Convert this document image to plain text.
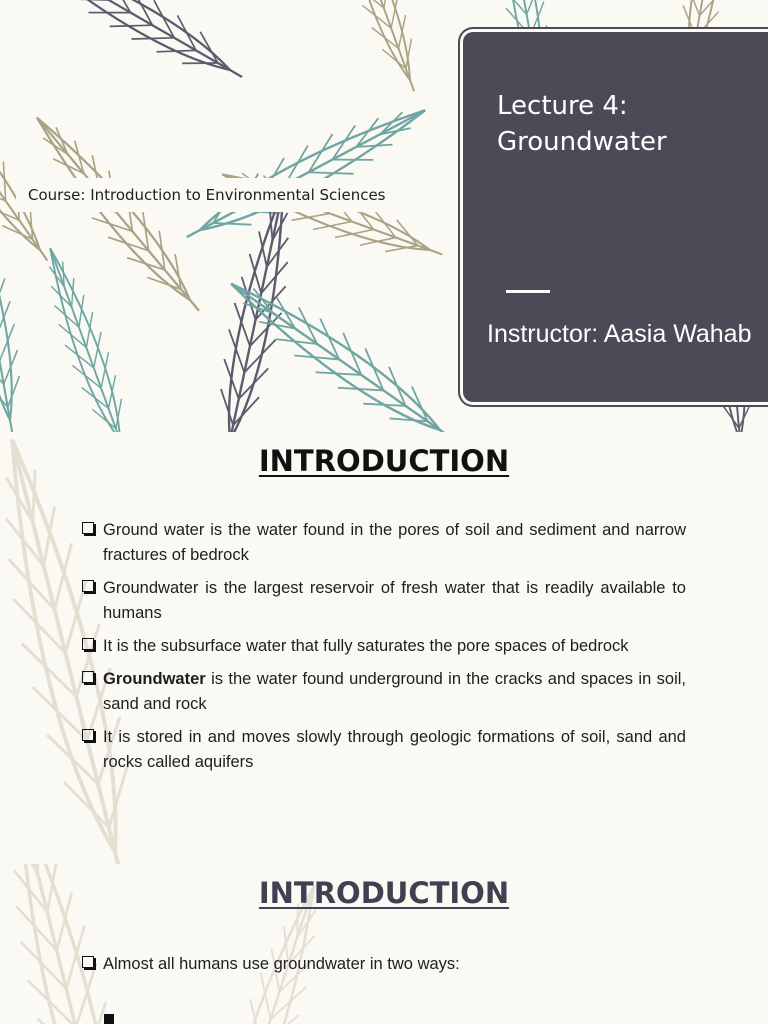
Course: Introduction to Environmental Sciences
Lecture 4: Groundwater
Instructor: Aasia Wahab
INTRODUCTION
Ground water is the water found in the pores of soil and sediment and narrow fractures of bedrock
Groundwater is the largest reservoir of fresh water that is readily available to humans
It is the subsurface water that fully saturates the pore spaces of bedrock
Groundwater is the water found underground in the cracks and spaces in soil, sand and rock
It is stored in and moves slowly through geologic formations of soil, sand and rocks called aquifers
INTRODUCTION
Almost all humans use groundwater in two ways:
